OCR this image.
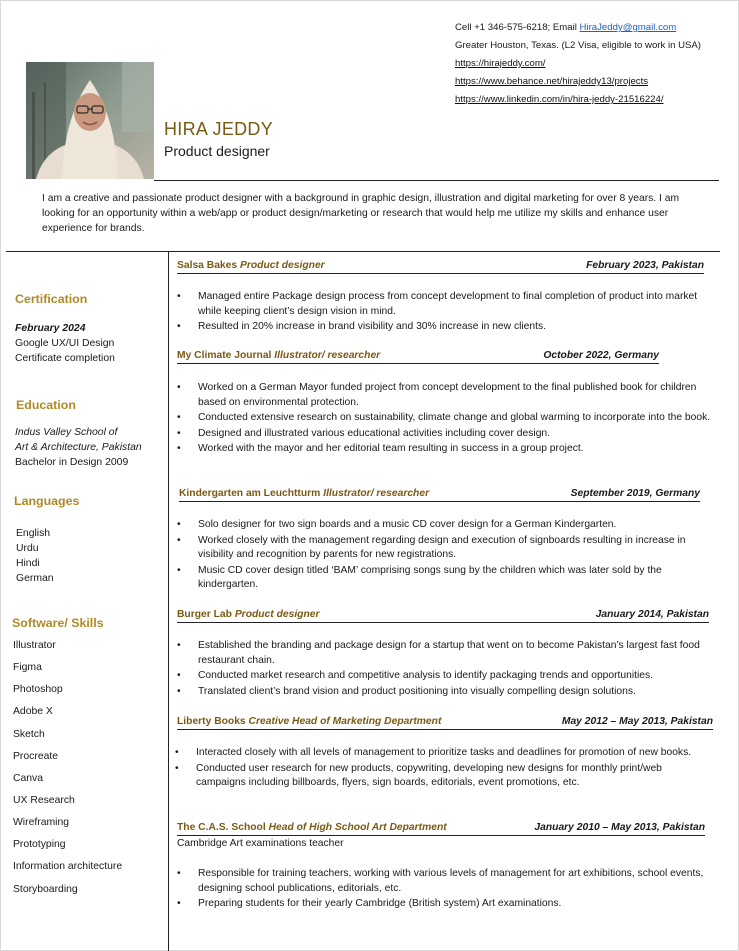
Cell +1 346-575-6218; Email HiraJeddy@gmail.com
Greater Houston, Texas. (L2 Visa, eligible to work in USA)
https://hirajeddy.com/
https://www.behance.net/hirajeddy13/projects
https://www.linkedin.com/in/hira-jeddy-21516224/
HIRA JEDDY
Product designer
I am a creative and passionate product designer with a background in graphic design, illustration and digital marketing for over 8 years. I am looking for an opportunity within a web/app or product design/marketing or research that would help me utilize my skills and enhance user experience for brands.
Certification
February 2024
Google UX/UI Design
Certificate completion
Education
Indus Valley School of
Art & Architecture, Pakistan
Bachelor in Design 2009
Languages
English
Urdu
Hindi
German
Software/ Skills
Illustrator
Figma
Photoshop
Adobe X
Sketch
Procreate
Canva
UX Research
Wireframing
Prototyping
Information architecture
Storyboarding
Salsa Bakes Product designer	February 2023, Pakistan
• Managed entire Package design process from concept development to final completion of product into market while keeping client’s design vision in mind.
• Resulted in 20% increase in brand visibility and 30% increase in new clients.
My Climate Journal Illustrator/ researcher	October 2022, Germany
• Worked on a German Mayor funded project from concept development to the final published book for children based on environmental protection.
• Conducted extensive research on sustainability, climate change and global warming to incorporate into the book.
• Designed and illustrated various educational activities including cover design.
• Worked with the mayor and her editorial team resulting in success in a group project.
Kindergarten am Leuchtturm Illustrator/ researcher	September 2019, Germany
• Solo designer for two sign boards and a music CD cover design for a German Kindergarten.
• Worked closely with the management regarding design and execution of signboards resulting in increase in visibility and recognition by parents for new registrations.
• Music CD cover design titled ‘BAM’ comprising songs sung by the children which was later sold by the kindergarten.
Burger Lab Product designer	January 2014, Pakistan
• Established the branding and package design for a startup that went on to become Pakistan’s largest fast food restaurant chain.
• Conducted market research and competitive analysis to identify packaging trends and opportunities.
• Translated client’s brand vision and product positioning into visually compelling design solutions.
Liberty Books Creative Head of Marketing Department	May 2012 – May 2013, Pakistan
• Interacted closely with all levels of management to prioritize tasks and deadlines for promotion of new books.
• Conducted user research for new products, copywriting, developing new designs for monthly print/web campaigns including billboards, flyers, sign boards, editorials, event promotions, etc.
The C.A.S. School Head of High School Art Department	January 2010 – May 2013, Pakistan
Cambridge Art examinations teacher
• Responsible for training teachers, working with various levels of management for art exhibitions, school events, designing school publications, editorials, etc.
• Preparing students for their yearly Cambridge (British system) Art examinations.
